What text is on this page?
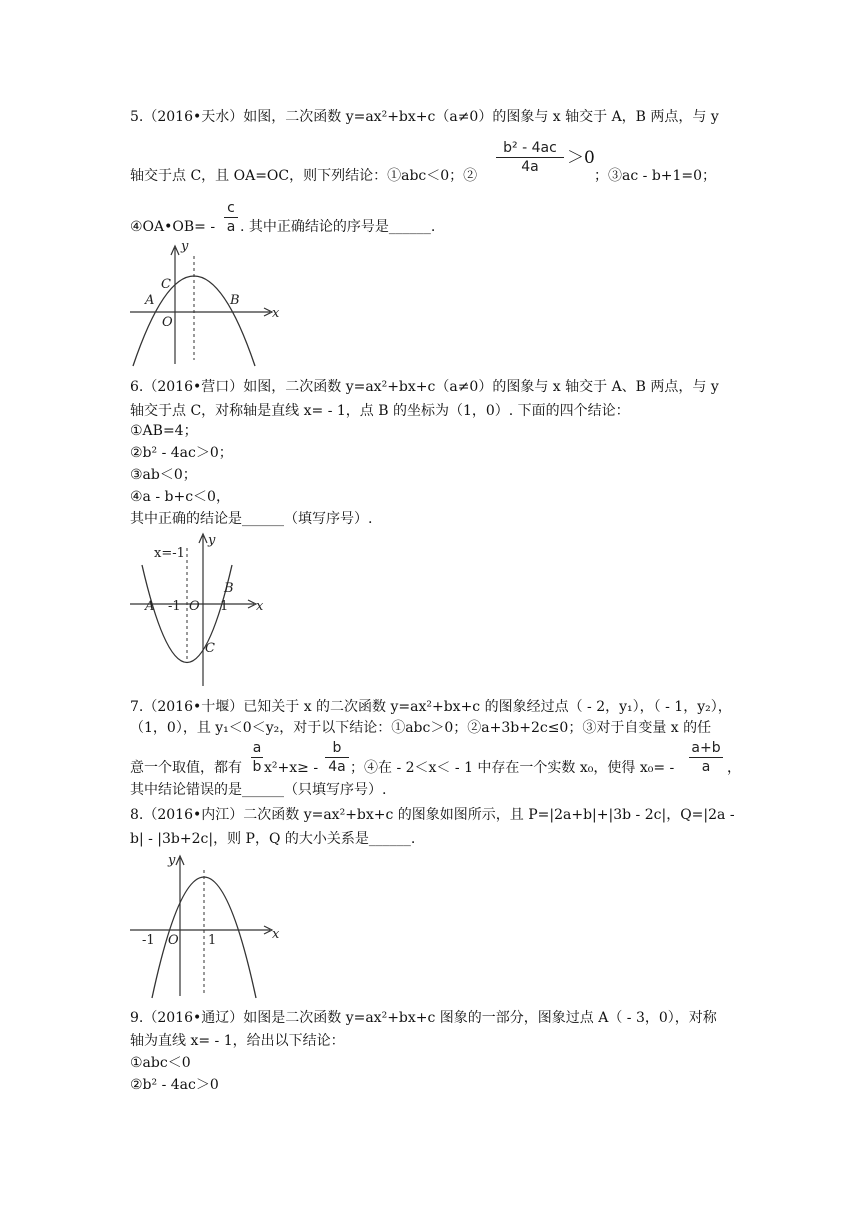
5.（2016•天水）如图，二次函数 y=ax²+bx+c（a≠0）的图象与 x 轴交于 A，B 两点，与 y
轴交于点 C，且 OA=OC，则下列结论：①abc＜0；②
b² - 4ac
4a	＞0
；③ac - b+1=0；
④OA•OB= -
c
a . 其中正确结论的序号是______.
y
x
A	B
C
O
6.（2016•营口）如图，二次函数 y=ax²+bx+c（a≠0）的图象与 x 轴交于 A、B 两点，与 y
轴交于点 C，对称轴是直线 x= - 1，点 B 的坐标为（1，0）. 下面的四个结论：
①AB=4；
②b² - 4ac＞0；
③ab＜0；
④a - b+c＜0，
其中正确的结论是______（填写序号）.
x=-1
y
x
A -1 O 1
B
C
7.（2016•十堰）已知关于 x 的二次函数 y=ax²+bx+c 的图象经过点（ - 2，y₁），（ - 1，y₂），
（1，0），且 y₁＜0＜y₂，对于以下结论：①abc＞0；②a+3b+2c≤0；③对于自变量 x 的任
意一个取值，都有
a
b x²+x≥ -
b
4a ；④在 - 2＜x＜ - 1 中存在一个实数 x₀，使得 x₀= -
a+b
a	，
其中结论错误的是______（只填写序号）.
8.（2016•内江）二次函数 y=ax²+bx+c 的图象如图所示，且 P=|2a+b|+|3b - 2c|，Q=|2a -
b| - |3b+2c|，则 P，Q 的大小关系是______.
y
x
-1 O 1
9.（2016•通辽）如图是二次函数 y=ax²+bx+c 图象的一部分，图象过点 A（ - 3，0），对称
轴为直线 x= - 1，给出以下结论：
①abc＜0
②b² - 4ac＞0
